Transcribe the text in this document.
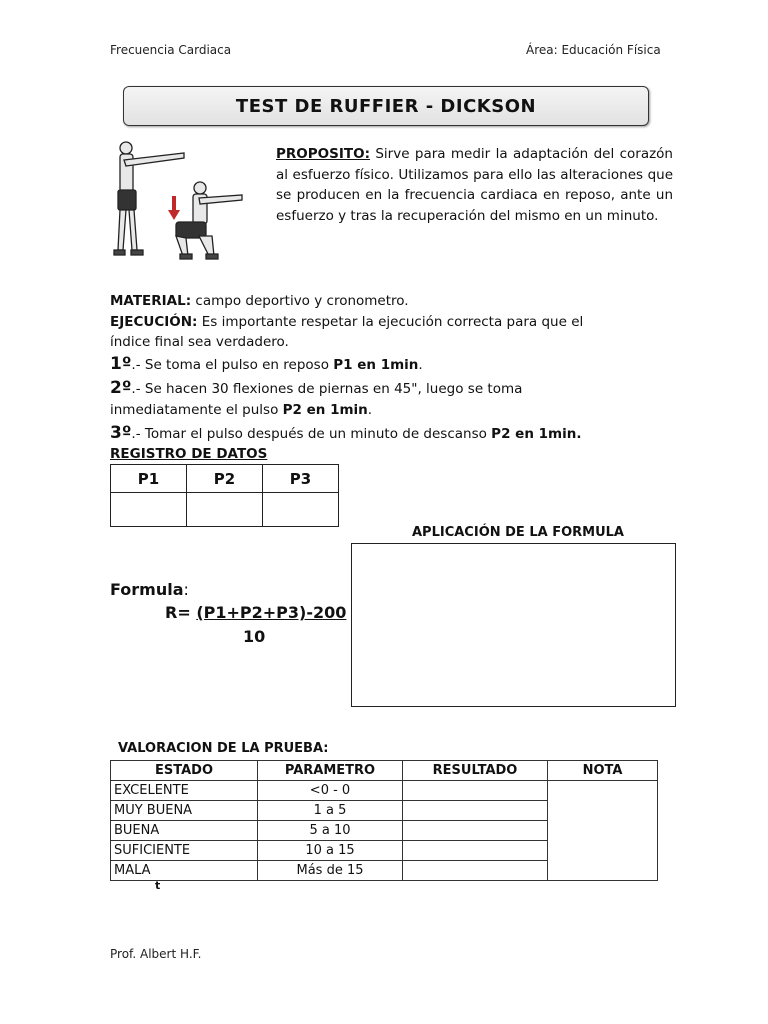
Frecuencia Cardiaca	Área: Educación Física
TEST DE RUFFIER - DICKSON
PROPOSITO: Sirve para medir la adaptación del corazón al esfuerzo físico. Utilizamos para ello las alteraciones que se producen en la frecuencia cardiaca en reposo, ante un esfuerzo y tras la recuperación del mismo en un minuto.
MATERIAL: campo deportivo y cronometro.
EJECUCIÓN: Es importante respetar la ejecución correcta para que el
índice final sea verdadero.
1º.- Se toma el pulso en reposo P1 en 1min.
2º.- Se hacen 30 flexiones de piernas en 45", luego se toma
inmediatamente el pulso P2 en 1min.
3º.- Tomar el pulso después de un minuto de descanso P2 en 1min.
REGISTRO DE DATOS
P1	P2	P3

APLICACIÓN DE LA FORMULA
Formula:
R= (P1+P2+P3)-200
10
VALORACION DE LA PRUEBA:
ESTADO	PARAMETRO	RESULTADO	NOTA
EXCELENTE	<0 - 0		
MUY BUENA	1 a 5		
BUENA	5 a 10		
SUFICIENTE	10 a 15		
MALA	Más de 15		
t
Prof. Albert H.F.
